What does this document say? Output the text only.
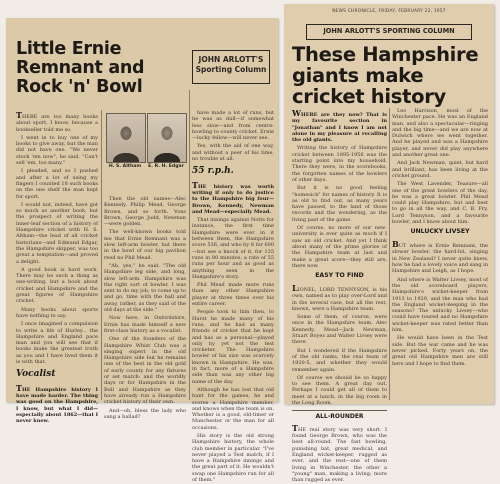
Little Ernie Remnant and Rock 'n' Bowl
JOHN ARLOTT'S Sporting Column
H. S. Altham	E. R. H. Edgar

THERE are too many books about sport, I know, because a bookseller told me so.

I went in to buy one of my books to give away, but the man did not have one. "We never stock 'em now", he said. "Can't sell 'em, too many."

I pleaded, and so I pushed and after a lot of using my fingers I counted 18 such books on the one shelf the man kept for sport.

I would not, indeed, have got so much as another book, but the prospect of writing the inner-leaf section of a history of Hampshire cricket with H. S. Altham—the lead of all cricket historians—and Edmund Edgar, the Hampshire skipper, was too great a temptation—and proved a delight.

A good book is hard work. There may be such a thing as one-writing, but a book about cricket and Hampshire and the great figures of Hampshire cricket.

Many books about sports have nothing to say.

I once imagined a compulsion to write a life of Hurley... the Hampshire and England pace man and you will see that if books make the greatest truth as you and I have lived them it is with that.

Vocalist

THE Hampshire history I have made harder. The thing was good on the Hampshire, I know, but what I did—especially about 1862—that I never knew.

Then the old names—Alec Kennedy, Philip Mead, George Brown, and so forth. Vons Brown, George Judd, Newman—were golden.

The well-known books told me that Ernie Remnant was a slow left-arm bowler, but there in the bowl of our big pavilion reed no Phil Mead.

"Ah, yes," he said. "The old Hampshire leg side, and long, slow left-arm. Hampshire was the right sort of bowler. I was sent to do my job, to come up to and go, time with the ball and away, rather, as they said of the old days at the side."

Now here, in Oxfordshire, Ernie has made himself a new first-class history as a vocalist.

One of the founders of the Hampshire Whist Club was a singing expert in the old Hampshire side but he remains one of the best in the old gold of early county for any fixtures or set match: and the worldly days or for Hampshire in the Bull and Hampshire as they have already run a Hampshire cricket history of their own.

And—oh, bless the lady who sang a ballad?

have made a lot of runs, but he was as dull—if somewhat less slow—and from centre-bowling to county cricket. Ernie—lucky fellow—will never see.

Yes, with the aid of one way, and without a peer of his time, no trouble at all.

55 r.p.h.

THE history was worth writing if only to do justice to the Hampshire big four—Brown, Kennedy, Newman and Mead—especially Mead.

That innings against Notts for instance, the first time Hampshire were ever in it between them, the Hampshire score 536, and who by 8 for 600—but see a knock of it, for 135 runs in 80 minutes, a rate of 55 runs per hour and as good as anything seen in the Hampshire's story.

Phil Mead made more runs than any other Hampshire player at three times over his entire career.

People took to him then, to Hurst he made many of his runs, and he had as many friends of cricket that he kept and has as a personal—played only by yet not the test cricketer. The Hampshire bowler of his size was scarcely known in Hampshire. He was, in fact, more of a Hampshire side than was any other big name of the day.

Although he has lost that old hunt for the games, he and scores a Hampshire member, and knows when the team is on. Whether is a good, old-timer or Manchester or the man for all occasions.

His story is the old strong Hampshire history, the whole club member in particular. "I've never played a Test match, if I have a Hampshire innings and the great part of it. He wouldn't swap one Hampshire run for all of them."

NEWS CHRONICLE, FRIDAY, FEBRUARY 22, 1957
JOHN ARLOTT'S SPORTING COLUMN
These Hampshire giants make cricket history

WHERE are they now? That is my favourite section in "Jonathan" and I know I am not alone in my pleasure at recalling the old giants.

Writing the history of Hampshire cricket between 1895-1956 was the starting point into my household. There they were, in the scorebooks, the forgotten names of the bowlers of other days.

But it is no good feeling "homesick" for names of history. It is as old to find out, as many years have passed, to the land of those records and the wondering, as the living past of the game.

Of course, no more of our new-university is ever quite as much if I saw an old cricket. And yet I think about many of the prime glories of the Hampshire team at last and make a great score—they still are; there now.

EASY TO FIND

LIONEL, LORD TENNYSON, is his own, named as to play over-Lord and in the several case, but all the rest, known, were a Hampshire team.

Some of them, of course, were once in the Hampshire team. Alec Kennedy, Mead—Jack Newman, Stuart Boyes and Walter Livsey were there.

But I wondered if the Hampshire of the old ranks, the real team of 1920-5, and whether they would remember again.

Of course we should be so happy to see them. A great day out. Perhaps I could get all of them to meet at a lunch, in the big room in the Long Room.

ALL-ROUNDER

THE real story was very short. I found George Brown, who was the best all-round. The fast bowling, punishing bat, great medical, and England wicket-keeper, rugged as ever, and the rest—one of them living in Winchester, the other a "young" man, making a living; more than rugged as ever.

Leo Harrison, most of the Winchester pace. He was an England man, and also a spectacular—ringing and the big time—and we are now at Dulwich where we went together. And he played and was a Hampshire player, and never did play anywhere and another great one.

And Jack Newman, quiet, but hard and brilliant, has been living at the cricket ground.

The West Lavender, Teasure—all one of the great bowlers of the day, he was a great bowler. Phil Mead could play Hampshire, but and best to go in all the way, and C. B. Fry, Lord Tennyson, and a favourite bowler, and I know about him.

UNLUCKY LIVSEY

BUT where is Ernie Remnant, the slower bowler, the hard-hit, singing in New Zealand? I never quite knew, how he had a lovely voice and sang in Hampshire and Leigh, as I hope.

And where is Walter Livsey, most of the old scoreboard players, Hampshire's wicket-keeper from 1913 to 1929, and the man who had the England wicket-keeping in the seasons? The unlucky Livsey—who could have toured and no Hampshire wicket-keeper was rated better than him.

He would have been in the Test side. But the war came and he was never picked. Forty years on, the great old Hampshire men are still here and I hope to find them.
